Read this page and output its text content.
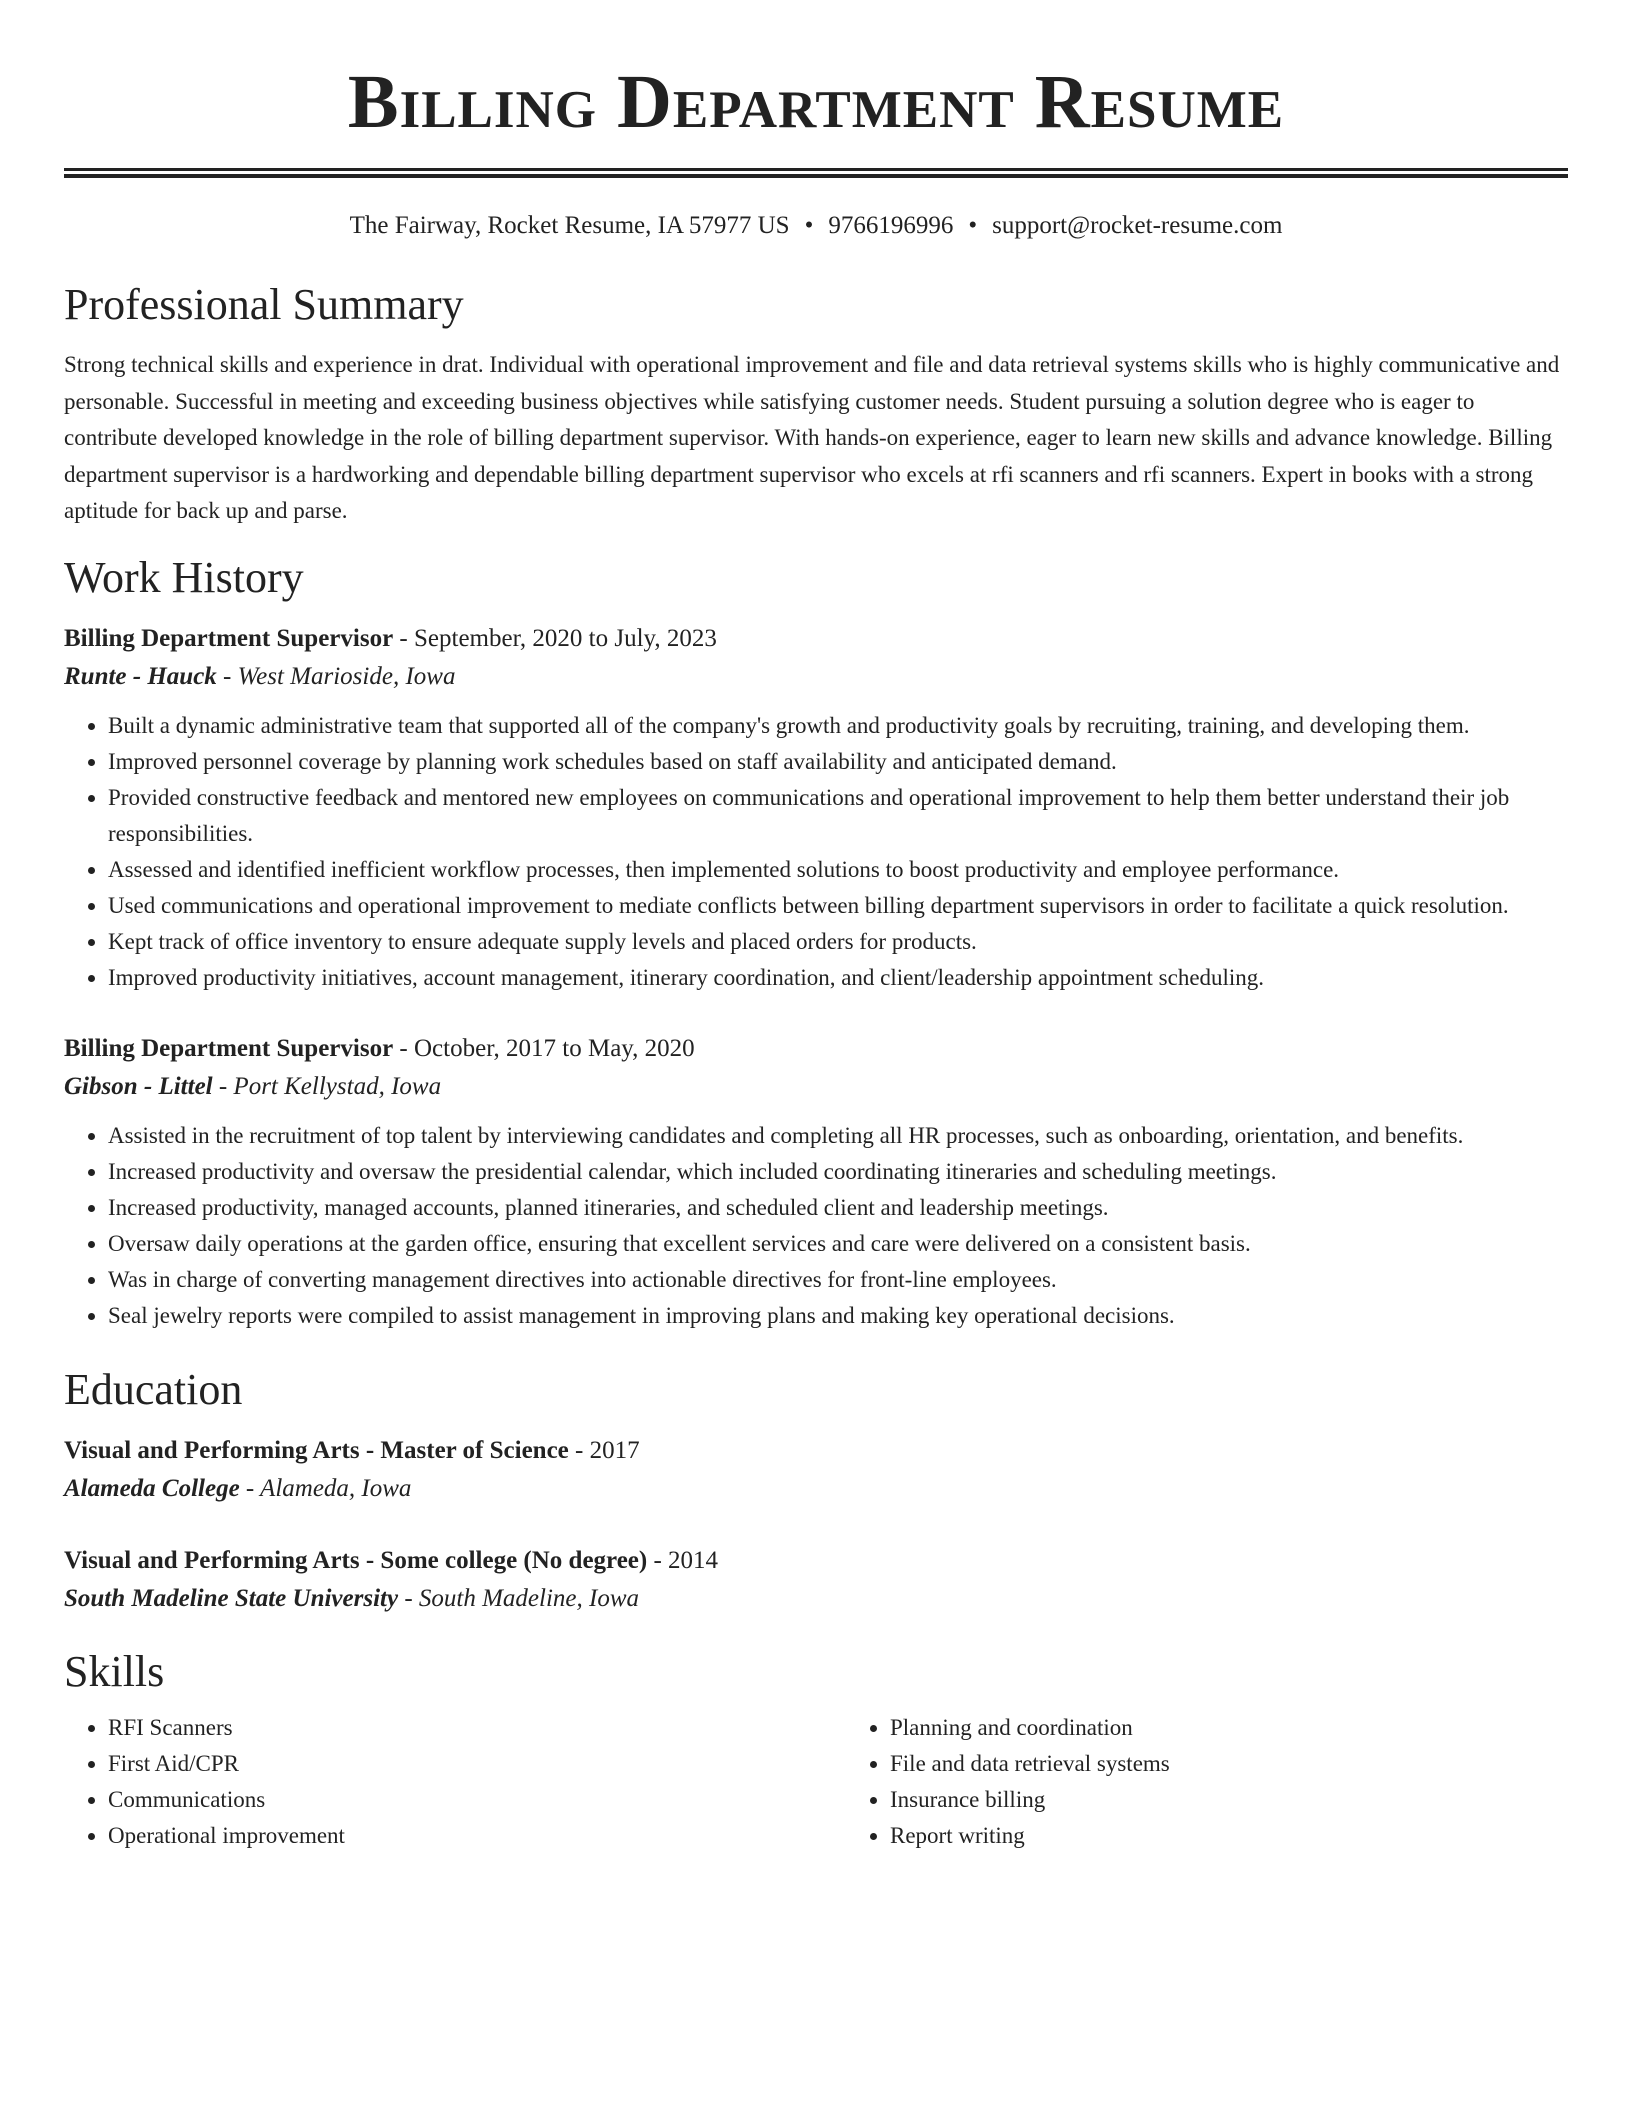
Billing Department Resume
The Fairway, Rocket Resume, IA 57977 US • 9766196996 • support@rocket-resume.com
Professional Summary

Strong technical skills and experience in drat. Individual with operational improvement and file and data retrieval systems skills who is highly communicative and personable. Successful in meeting and exceeding business objectives while satisfying customer needs. Student pursuing a solution degree who is eager to contribute developed knowledge in the role of billing department supervisor. With hands-on experience, eager to learn new skills and advance knowledge. Billing department supervisor is a hardworking and dependable billing department supervisor who excels at rfi scanners and rfi scanners. Expert in books with a strong aptitude for back up and parse.

Work History
Billing Department Supervisor - September, 2020 to July, 2023
Runte - Hauck - West Marioside, Iowa
• Built a dynamic administrative team that supported all of the company's growth and productivity goals by recruiting, training, and developing them.
• Improved personnel coverage by planning work schedules based on staff availability and anticipated demand.
• Provided constructive feedback and mentored new employees on communications and operational improvement to help them better understand their job responsibilities.
• Assessed and identified inefficient workflow processes, then implemented solutions to boost productivity and employee performance.
• Used communications and operational improvement to mediate conflicts between billing department supervisors in order to facilitate a quick resolution.
• Kept track of office inventory to ensure adequate supply levels and placed orders for products.
• Improved productivity initiatives, account management, itinerary coordination, and client/leadership appointment scheduling.
Billing Department Supervisor - October, 2017 to May, 2020
Gibson - Littel - Port Kellystad, Iowa
• Assisted in the recruitment of top talent by interviewing candidates and completing all HR processes, such as onboarding, orientation, and benefits.
• Increased productivity and oversaw the presidential calendar, which included coordinating itineraries and scheduling meetings.
• Increased productivity, managed accounts, planned itineraries, and scheduled client and leadership meetings.
• Oversaw daily operations at the garden office, ensuring that excellent services and care were delivered on a consistent basis.
• Was in charge of converting management directives into actionable directives for front-line employees.
• Seal jewelry reports were compiled to assist management in improving plans and making key operational decisions.
Education
Visual and Performing Arts - Master of Science - 2017
Alameda College - Alameda, Iowa
Visual and Performing Arts - Some college (No degree) - 2014
South Madeline State University - South Madeline, Iowa
Skills
• RFI Scanners
• First Aid/CPR
• Communications
• Operational improvement
• Planning and coordination
• File and data retrieval systems
• Insurance billing
• Report writing
